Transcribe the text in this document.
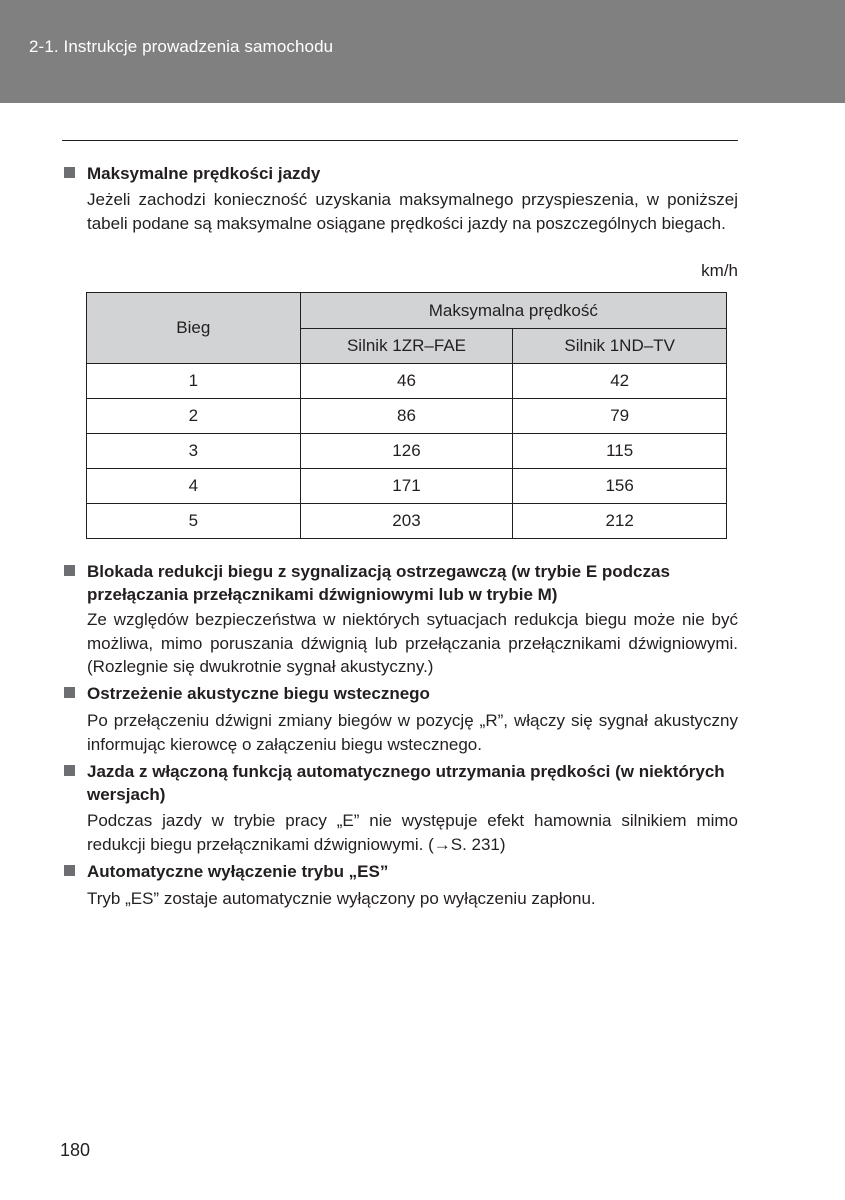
2-1. Instrukcje prowadzenia samochodu
Maksymalne prędkości jazdy
Jeżeli zachodzi konieczność uzyskania maksymalnego przyspieszenia, w poniższej tabeli podane są maksymalne osiągane prędkości jazdy na poszczególnych biegach.
km/h
Bieg	Maksymalna prędkość	
	Silnik 1ZR–FAE	Silnik 1ND–TV
1	46	42
2	86	79
3	126	115
4	171	156
5	203	212
Blokada redukcji biegu z sygnalizacją ostrzegawczą (w trybie E podczas przełączania przełącznikami dźwigniowymi lub w trybie M)
Ze względów bezpieczeństwa w niektórych sytuacjach redukcja biegu może nie być możliwa, mimo poruszania dźwignią lub przełączania przełącznikami dźwigniowymi. (Rozlegnie się dwukrotnie sygnał akustyczny.)
Ostrzeżenie akustyczne biegu wstecznego
Po przełączeniu dźwigni zmiany biegów w pozycję „R”, włączy się sygnał akustyczny informując kierowcę o załączeniu biegu wstecznego.
Jazda z włączoną funkcją automatycznego utrzymania prędkości (w niektórych wersjach)
Podczas jazdy w trybie pracy „E” nie występuje efekt hamownia silnikiem mimo redukcji biegu przełącznikami dźwigniowymi. (→S. 231)
Automatyczne wyłączenie trybu „ES”
Tryb „ES” zostaje automatycznie wyłączony po wyłączeniu zapłonu.
180
